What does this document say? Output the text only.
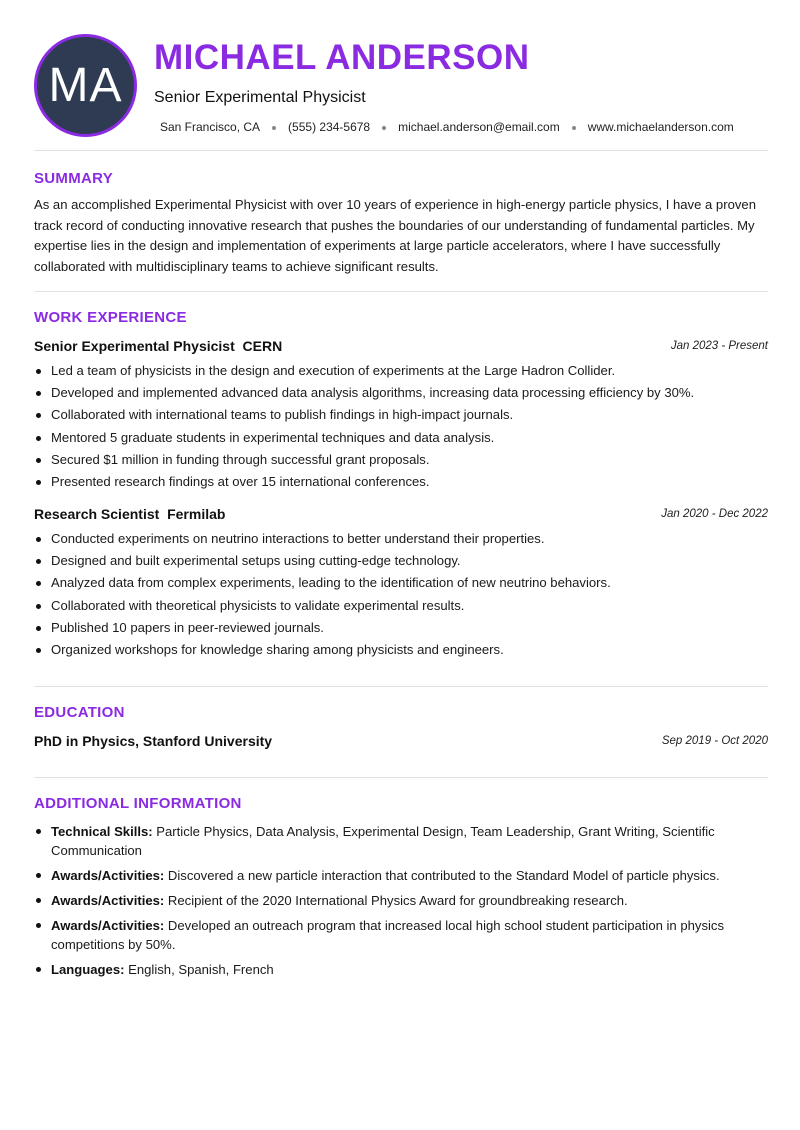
MA
MICHAEL ANDERSON
Senior Experimental Physicist
San Francisco, CA (555) 234-5678 michael.anderson@email.com www.michaelanderson.com
SUMMARY
As an accomplished Experimental Physicist with over 10 years of experience in high-energy particle physics, I have a proven track record of conducting innovative research that pushes the boundaries of our understanding of fundamental particles. My expertise lies in the design and implementation of experiments at large particle accelerators, where I have successfully collaborated with multidisciplinary teams to achieve significant results.
WORK EXPERIENCE
Senior Experimental Physicist CERN	Jan 2023 - Present
Led a team of physicists in the design and execution of experiments at the Large Hadron Collider.
Developed and implemented advanced data analysis algorithms, increasing data processing efficiency by 30%.
Collaborated with international teams to publish findings in high-impact journals.
Mentored 5 graduate students in experimental techniques and data analysis.
Secured $1 million in funding through successful grant proposals.
Presented research findings at over 15 international conferences.
Research Scientist Fermilab	Jan 2020 - Dec 2022
Conducted experiments on neutrino interactions to better understand their properties.
Designed and built experimental setups using cutting-edge technology.
Analyzed data from complex experiments, leading to the identification of new neutrino behaviors.
Collaborated with theoretical physicists to validate experimental results.
Published 10 papers in peer-reviewed journals.
Organized workshops for knowledge sharing among physicists and engineers.
EDUCATION
PhD in Physics, Stanford University	Sep 2019 - Oct 2020
ADDITIONAL INFORMATION
Technical Skills: Particle Physics, Data Analysis, Experimental Design, Team Leadership, Grant Writing, Scientific Communication
Awards/Activities: Discovered a new particle interaction that contributed to the Standard Model of particle physics.
Awards/Activities: Recipient of the 2020 International Physics Award for groundbreaking research.
Awards/Activities: Developed an outreach program that increased local high school student participation in physics competitions by 50%.
Languages: English, Spanish, French
